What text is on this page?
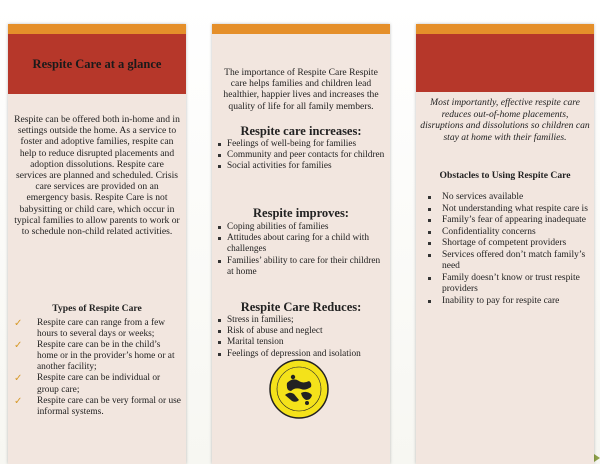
Respite Care at a glance
Respite can be offered both in-home and in settings outside the home. As a service to foster and adoptive families, respite can help to reduce disrupted placements and adoption dissolutions. Respite care services are planned and scheduled. Crisis care services are provided on an emergency basis. Respite Care is not babysitting or child care, which occur in typical families to allow parents to work or to schedule non-child related activities.
Types of Respite Care
✓ Respite care can range from a few hours to several days or weeks;
✓ Respite care can be in the child’s home or in the provider’s home or at another facility;
✓ Respite care can be individual or group care;
✓ Respite care can be very formal or use informal systems.
The importance of Respite Care Respite care helps families and children lead healthier, happier lives and increases the quality of life for all family members.
Respite care increases:
Feelings of well-being for families
Community and peer contacts for children
Social activities for families
Respite improves:
Coping abilities of families
Attitudes about caring for a child with challenges
Families’ ability to care for their children at home
Respite Care Reduces:
Stress in families;
Risk of abuse and neglect
Marital tension
Feelings of depression and isolation
Most importantly, effective respite care reduces out-of-home placements, disruptions and dissolutions so children can stay at home with their families.
Obstacles to Using Respite Care
No services available
Not understanding what respite care is
Family’s fear of appearing inadequate
Confidentiality concerns
Shortage of competent providers
Services offered don’t match family’s need
Family doesn’t know or trust respite providers
Inability to pay for respite care
